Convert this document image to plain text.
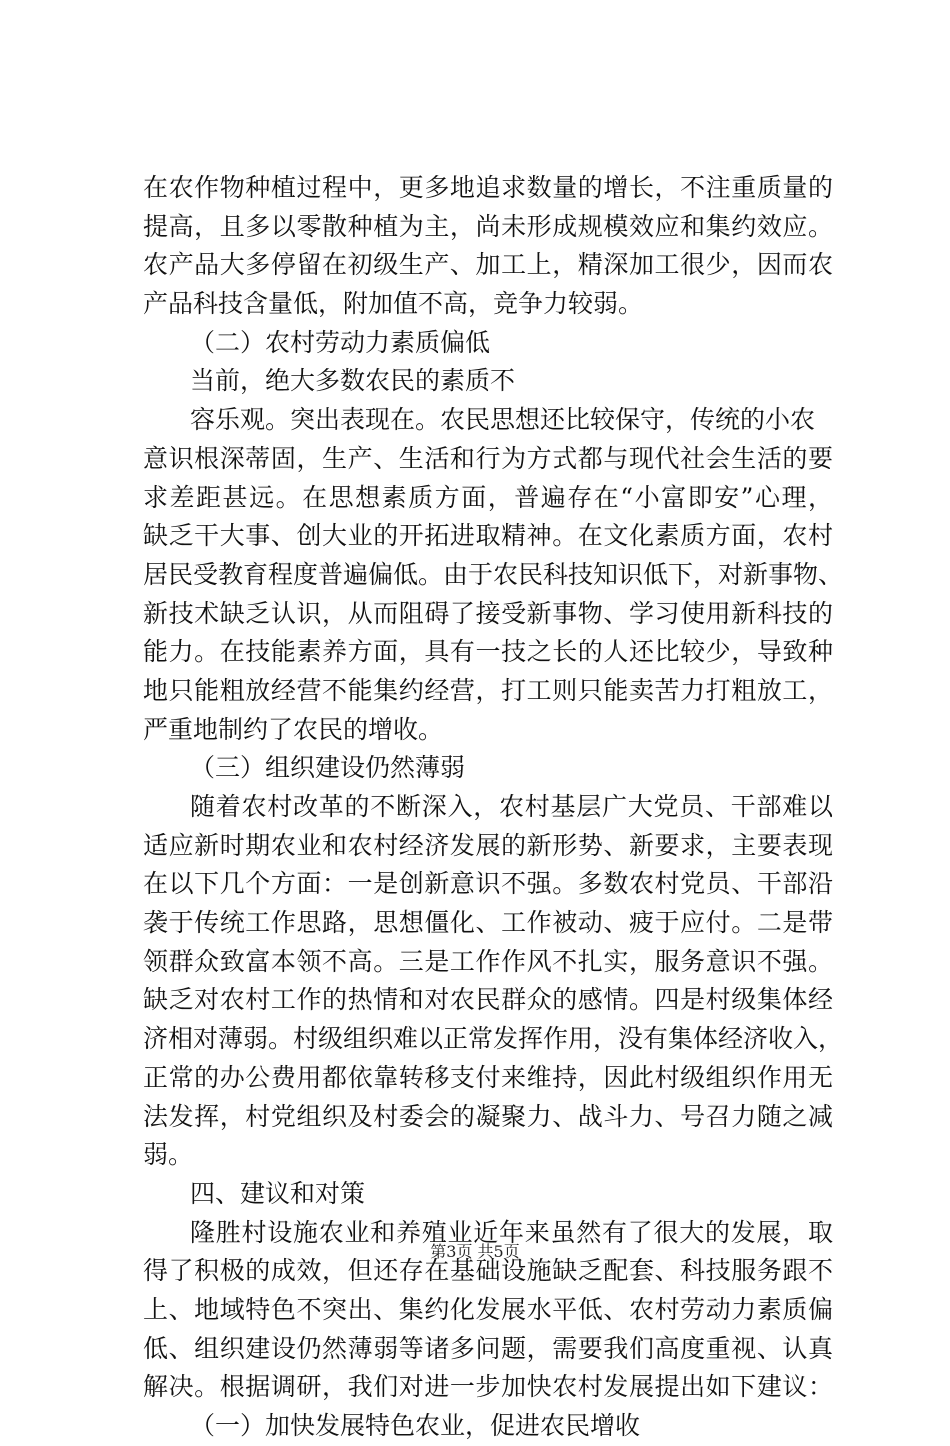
在农作物种植过程中，更多地追求数量的增长，不注重质量的
提高，且多以零散种植为主，尚未形成规模效应和集约效应。
农产品大多停留在初级生产、加工上，精深加工很少，因而农
产品科技含量低，附加值不高，竞争力较弱。
（二）农村劳动力素质偏低
当前，绝大多数农民的素质不
容乐观。突出表现在。农民思想还比较保守，传统的小农
意识根深蒂固，生产、生活和行为方式都与现代社会生活的要
求差距甚远。在思想素质方面，普遍存在“小富即安”心理，
缺乏干大事、创大业的开拓进取精神。在文化素质方面，农村
居民受教育程度普遍偏低。由于农民科技知识低下，对新事物、
新技术缺乏认识，从而阻碍了接受新事物、学习使用新科技的
能力。在技能素养方面，具有一技之长的人还比较少，导致种
地只能粗放经营不能集约经营，打工则只能卖苦力打粗放工，
严重地制约了农民的增收。
（三）组织建设仍然薄弱
随着农村改革的不断深入，农村基层广大党员、干部难以
适应新时期农业和农村经济发展的新形势、新要求，主要表现
在以下几个方面：一是创新意识不强。多数农村党员、干部沿
袭于传统工作思路，思想僵化、工作被动、疲于应付。二是带
领群众致富本领不高。三是工作作风不扎实，服务意识不强。
缺乏对农村工作的热情和对农民群众的感情。四是村级集体经
济相对薄弱。村级组织难以正常发挥作用，没有集体经济收入，
正常的办公费用都依靠转移支付来维持，因此村级组织作用无
法发挥，村党组织及村委会的凝聚力、战斗力、号召力随之减
弱。
四、建议和对策
隆胜村设施农业和养殖业近年来虽然有了很大的发展，取
得了积极的成效，但还存在基础设施缺乏配套、科技服务跟不
上、地域特色不突出、集约化发展水平低、农村劳动力素质偏
低、组织建设仍然薄弱等诸多问题，需要我们高度重视、认真
解决。根据调研，我们对进一步加快农村发展提出如下建议：
（一）加快发展特色农业，促进农民增收
第3页 共5页
